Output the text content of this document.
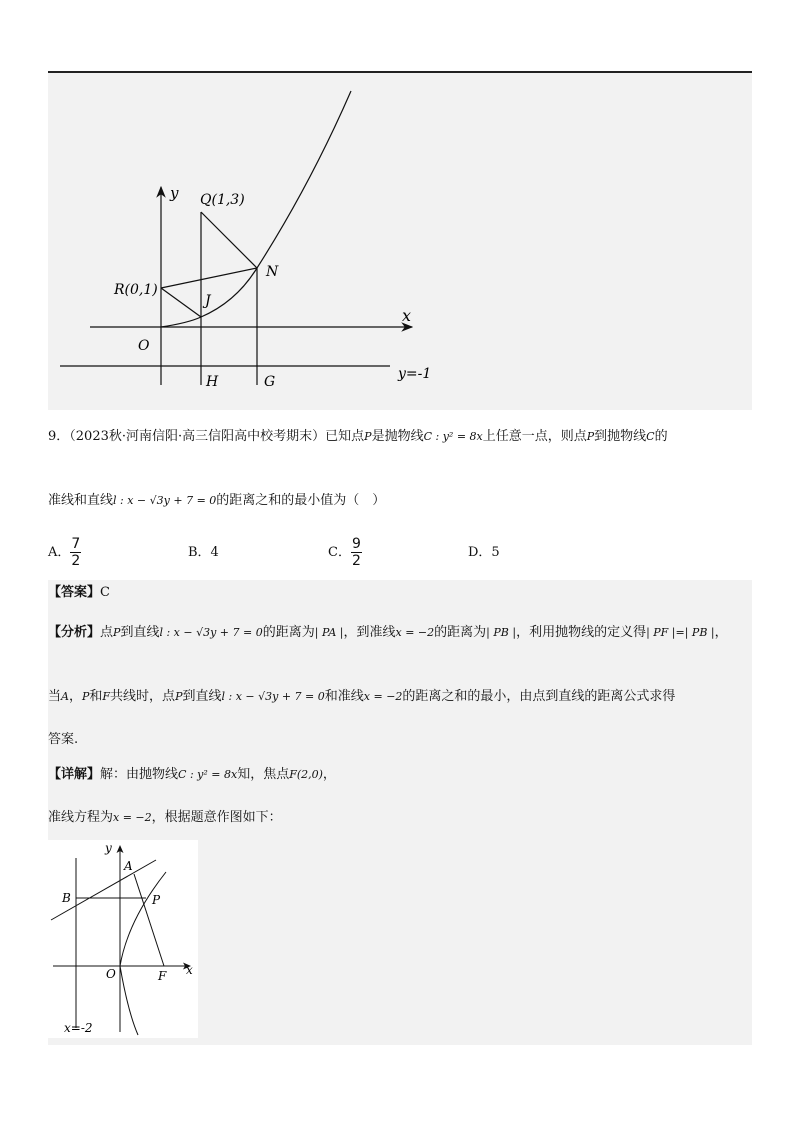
y
x
Q(1,3)
N
R(0,1)
J
O
H	G	y=-1
9．（2023秋·河南信阳·高三信阳高中校考期末）已知点P是抛物线C : y² = 8x上任意一点，则点P到抛物线C的
准线和直线l : x − √3y + 7 = 0的距离之和的最小值为（　）
A． $\frac{7}{2}$	B．4	C． $\frac{9}{2}$	D．5
【答案】C
【分析】点P到直线l : x − √3y + 7 = 0的距离为| PA |，到准线x = −2的距离为| PB |，利用抛物线的定义得| PF |=| PB |，
当A，P和F共线时，点P到直线l : x − √3y + 7 = 0和准线x = −2的距离之和的最小，由点到直线的距离公式求得
答案.
【详解】解：由抛物线C : y² = 8x知，焦点F(2,0)，
准线方程为x = −2，根据题意作图如下：
y
A
B	P
O	F x
x=-2
